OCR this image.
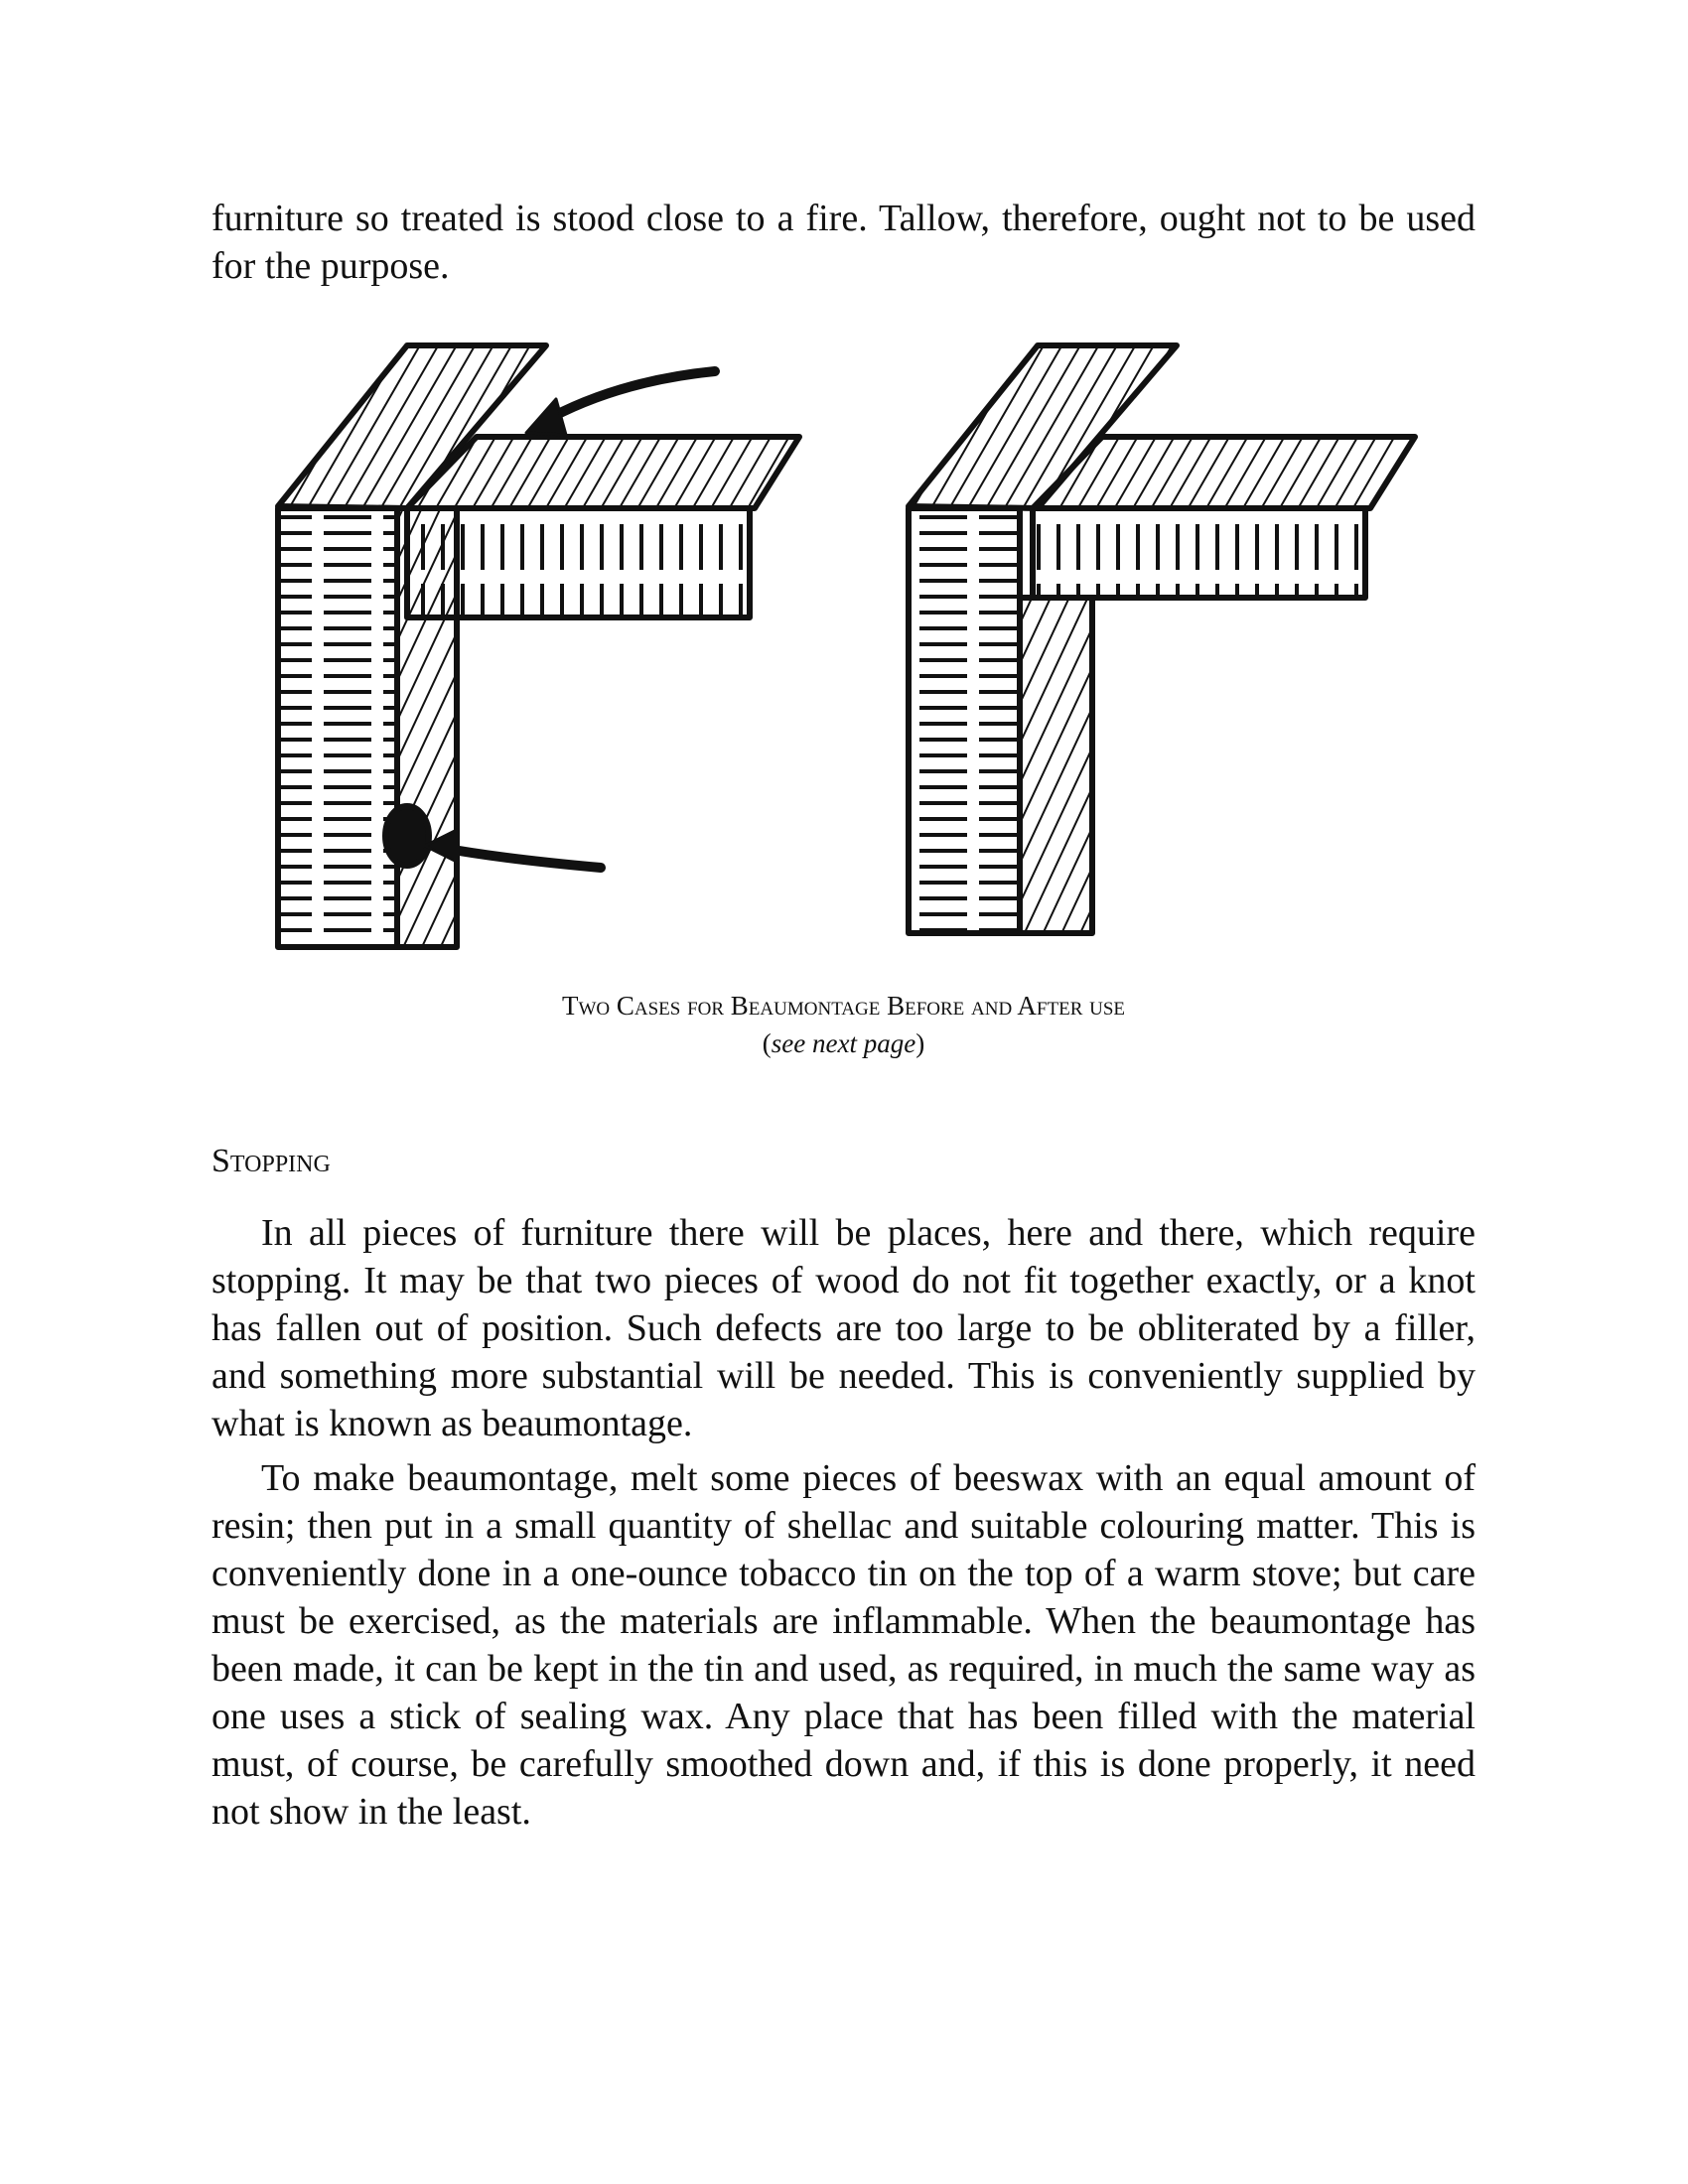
furniture so treated is stood close to a fire. Tallow, therefore, ought not to be used for the purpose.

Two Cases for Beaumontage Before and After use
(see next page)
Stopping

In all pieces of furniture there will be places, here and there, which require stopping. It may be that two pieces of wood do not fit together exactly, or a knot has fallen out of position. Such defects are too large to be obliterated by a filler, and something more substantial will be needed. This is conveniently supplied by what is known as beaumontage.

To make beaumontage, melt some pieces of beeswax with an equal amount of resin; then put in a small quantity of shellac and suitable colouring matter. This is conveniently done in a one-ounce tobacco tin on the top of a warm stove; but care must be exercised, as the materials are inflammable. When the beaumontage has been made, it can be kept in the tin and used, as required, in much the same way as one uses a stick of sealing wax. Any place that has been filled with the material must, of course, be carefully smoothed down and, if this is done properly, it need not show in the least.
